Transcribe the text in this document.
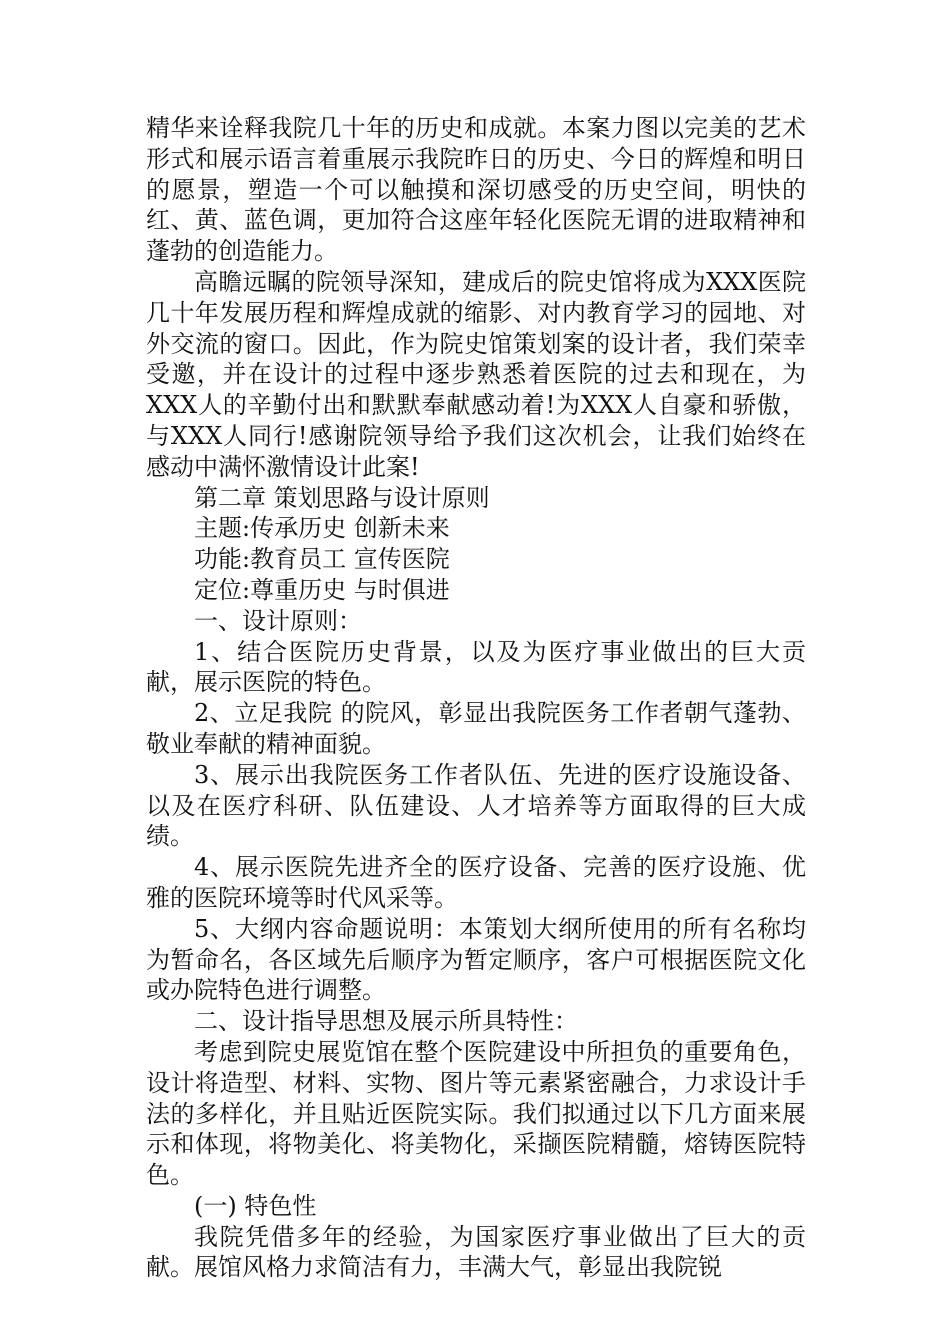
精华来诠释我院几十年的历史和成就。本案力图以完美的艺术形式和展示语言着重展示我院昨日的历史、今日的辉煌和明日的愿景，塑造一个可以触摸和深切感受的历史空间，明快的红、黄、蓝色调，更加符合这座年轻化医院无谓的进取精神和蓬勃的创造能力。

高瞻远瞩的院领导深知，建成后的院史馆将成为XXX医院几十年发展历程和辉煌成就的缩影、对内教育学习的园地、对外交流的窗口。因此，作为院史馆策划案的设计者，我们荣幸受邀，并在设计的过程中逐步熟悉着医院的过去和现在，为XXX人的辛勤付出和默默奉献感动着!为XXX人自豪和骄傲，与XXX人同行!感谢院领导给予我们这次机会，让我们始终在感动中满怀激情设计此案!

第二章 策划思路与设计原则

主题:传承历史 创新未来

功能:教育员工 宣传医院

定位:尊重历史 与时俱进

一、设计原则：

1、结合医院历史背景，以及为医疗事业做出的巨大贡献，展示医院的特色。

2、立足我院 的院风，彰显出我院医务工作者朝气蓬勃、敬业奉献的精神面貌。

3、展示出我院医务工作者队伍、先进的医疗设施设备、以及在医疗科研、队伍建设、人才培养等方面取得的巨大成绩。

4、展示医院先进齐全的医疗设备、完善的医疗设施、优雅的医院环境等时代风采等。

5、大纲内容命题说明：本策划大纲所使用的所有名称均为暂命名，各区域先后顺序为暂定顺序，客户可根据医院文化或办院特色进行调整。

二、设计指导思想及展示所具特性：

考虑到院史展览馆在整个医院建设中所担负的重要角色，设计将造型、材料、实物、图片等元素紧密融合，力求设计手法的多样化，并且贴近医院实际。我们拟通过以下几方面来展示和体现，将物美化、将美物化，采撷医院精髓，熔铸医院特色。

(一) 特色性

我院凭借多年的经验，为国家医疗事业做出了巨大的贡献。展馆风格力求简洁有力，丰满大气，彰显出我院锐
